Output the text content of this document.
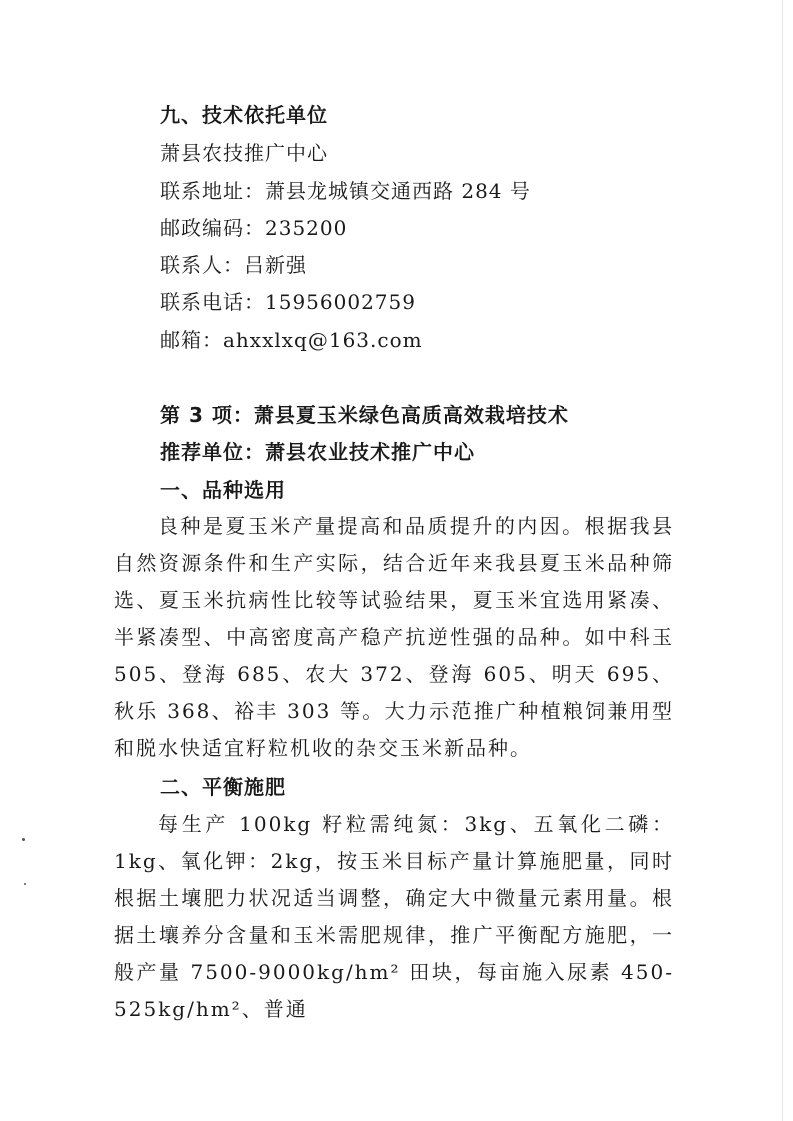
九、技术依托单位
萧县农技推广中心
联系地址：萧县龙城镇交通西路 284 号
邮政编码：235200
联系人：吕新强
联系电话：15956002759
邮箱：ahxxlxq@163.com
第 3 项：萧县夏玉米绿色高质高效栽培技术
推荐单位：萧县农业技术推广中心
一、品种选用
良种是夏玉米产量提高和品质提升的内因。根据我县自然资源条件和生产实际，结合近年来我县夏玉米品种筛选、夏玉米抗病性比较等试验结果，夏玉米宜选用紧凑、半紧凑型、中高密度高产稳产抗逆性强的品种。如中科玉 505、登海 685、农大 372、登海 605、明天 695、秋乐 368、裕丰 303 等。大力示范推广种植粮饲兼用型和脱水快适宜籽粒机收的杂交玉米新品种。
二、平衡施肥
每生产 100kg 籽粒需纯氮：3kg、五氧化二磷：1kg、氧化钾：2kg，按玉米目标产量计算施肥量，同时根据土壤肥力状况适当调整，确定大中微量元素用量。根据土壤养分含量和玉米需肥规律，推广平衡配方施肥，一般产量 7500-9000kg/hm² 田块，每亩施入尿素 450-525kg/hm²、普通
